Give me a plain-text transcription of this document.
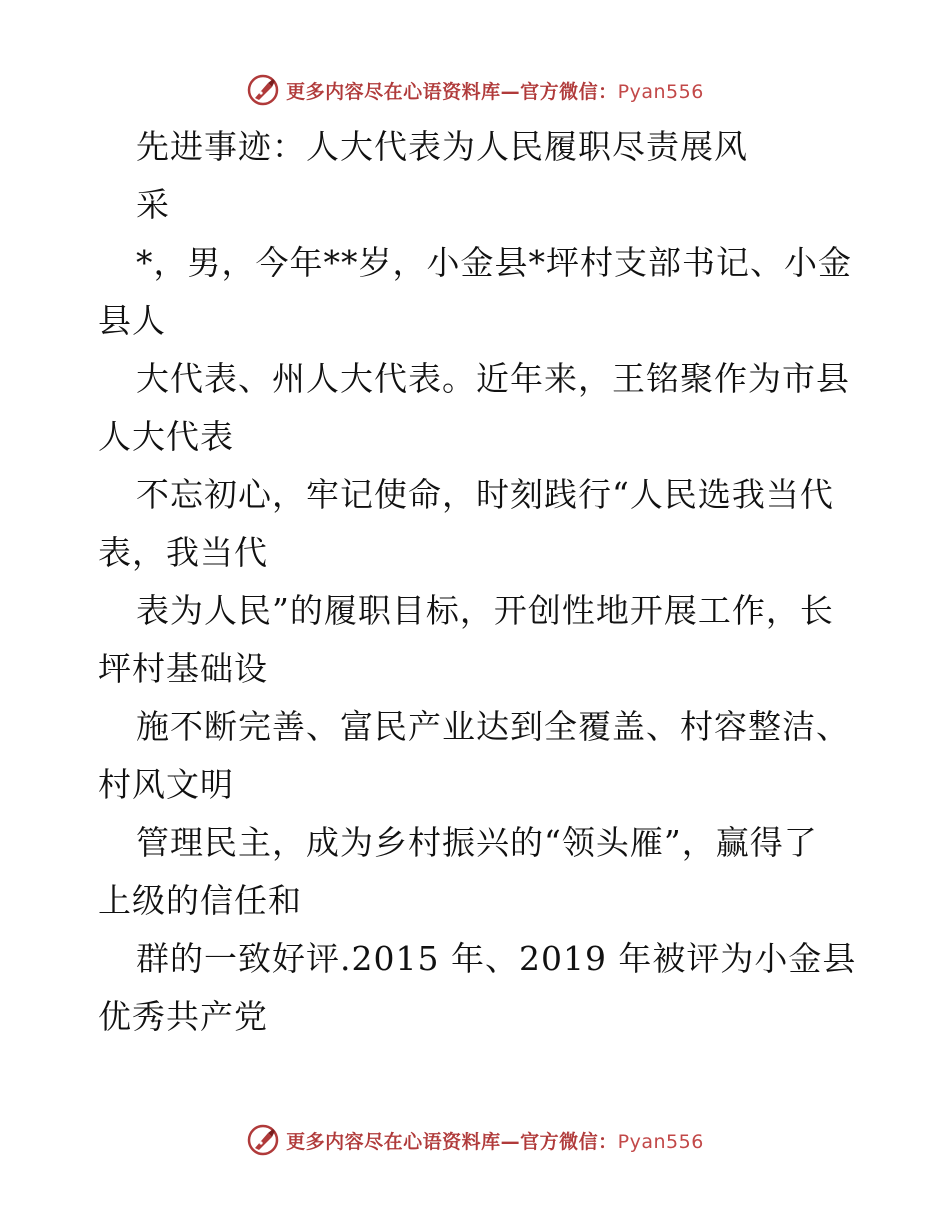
更多内容尽在心语资料库—官方微信：Pyan556
先进事迹：人大代表为人民履职尽责展风
采
*，男，今年**岁，小金县*坪村支部书记、小金
县人
大代表、州人大代表。近年来，王铭聚作为市县
人大代表
不忘初心，牢记使命，时刻践行“人民选我当代
表，我当代
表为人民”的履职目标，开创性地开展工作，长
坪村基础设
施不断完善、富民产业达到全覆盖、村容整洁、
村风文明
管理民主，成为乡村振兴的“领头雁”，赢得了
上级的信任和
群的一致好评.2015 年、2019 年被评为小金县
优秀共产党
更多内容尽在心语资料库—官方微信：Pyan556
